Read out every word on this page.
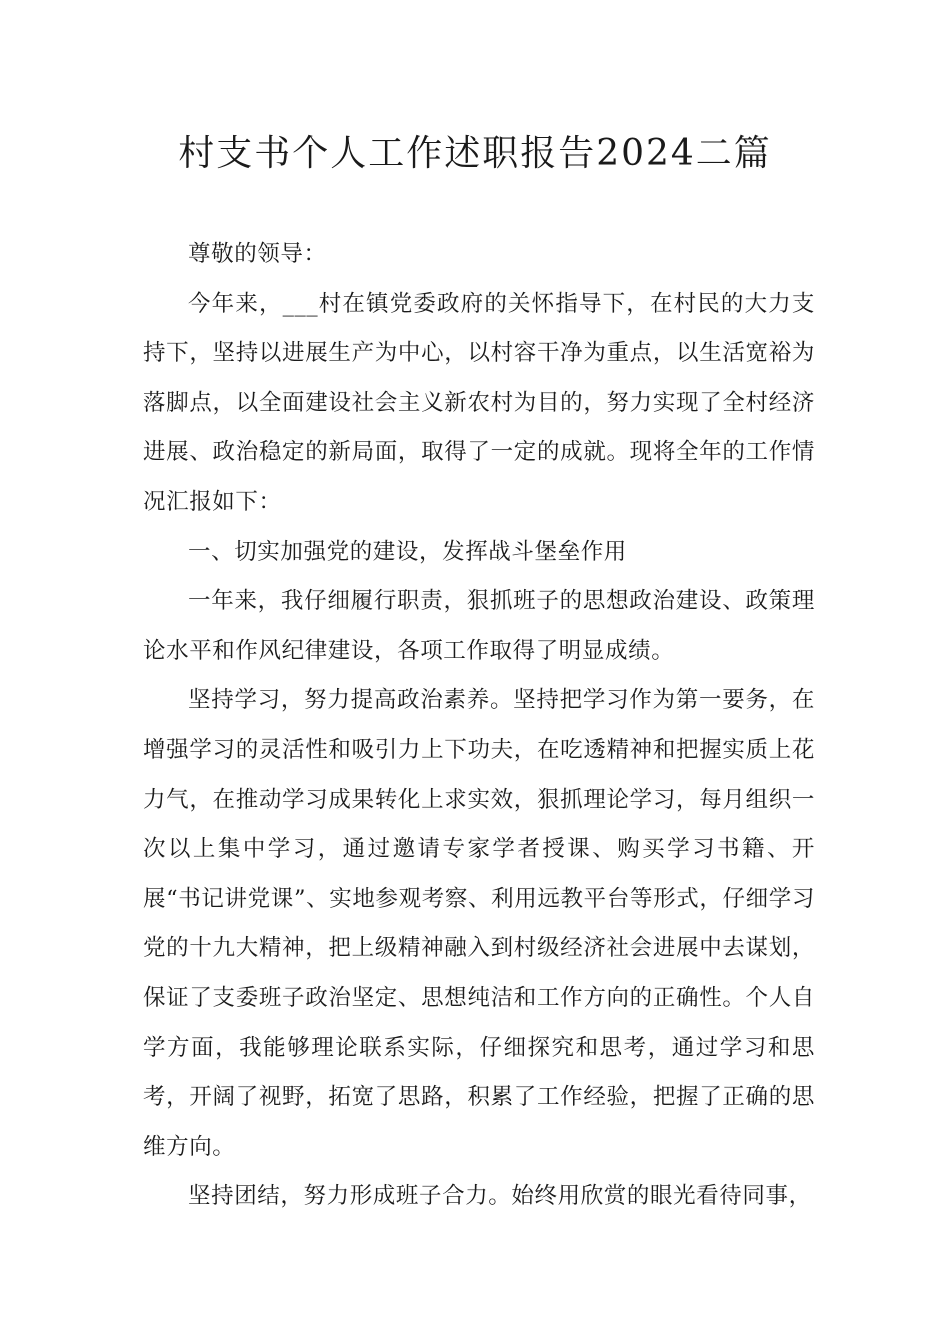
村支书个人工作述职报告2024二篇

尊敬的领导：

今年来，___村在镇党委政府的关怀指导下，在村民的大力支持下，坚持以进展生产为中心，以村容干净为重点，以生活宽裕为落脚点，以全面建设社会主义新农村为目的，努力实现了全村经济进展、政治稳定的新局面，取得了一定的成就。现将全年的工作情况汇报如下：

一、切实加强党的建设，发挥战斗堡垒作用

一年来，我仔细履行职责，狠抓班子的思想政治建设、政策理论水平和作风纪律建设，各项工作取得了明显成绩。

坚持学习，努力提高政治素养。坚持把学习作为第一要务，在增强学习的灵活性和吸引力上下功夫，在吃透精神和把握实质上花力气，在推动学习成果转化上求实效，狠抓理论学习，每月组织一次以上集中学习，通过邀请专家学者授课、购买学习书籍、开展“书记讲党课”、实地参观考察、利用远教平台等形式，仔细学习党的十九大精神，把上级精神融入到村级经济社会进展中去谋划，保证了支委班子政治坚定、思想纯洁和工作方向的正确性。个人自学方面，我能够理论联系实际，仔细探究和思考，通过学习和思考，开阔了视野，拓宽了思路，积累了工作经验，把握了正确的思维方向。

坚持团结，努力形成班子合力。始终用欣赏的眼光看待同事，
